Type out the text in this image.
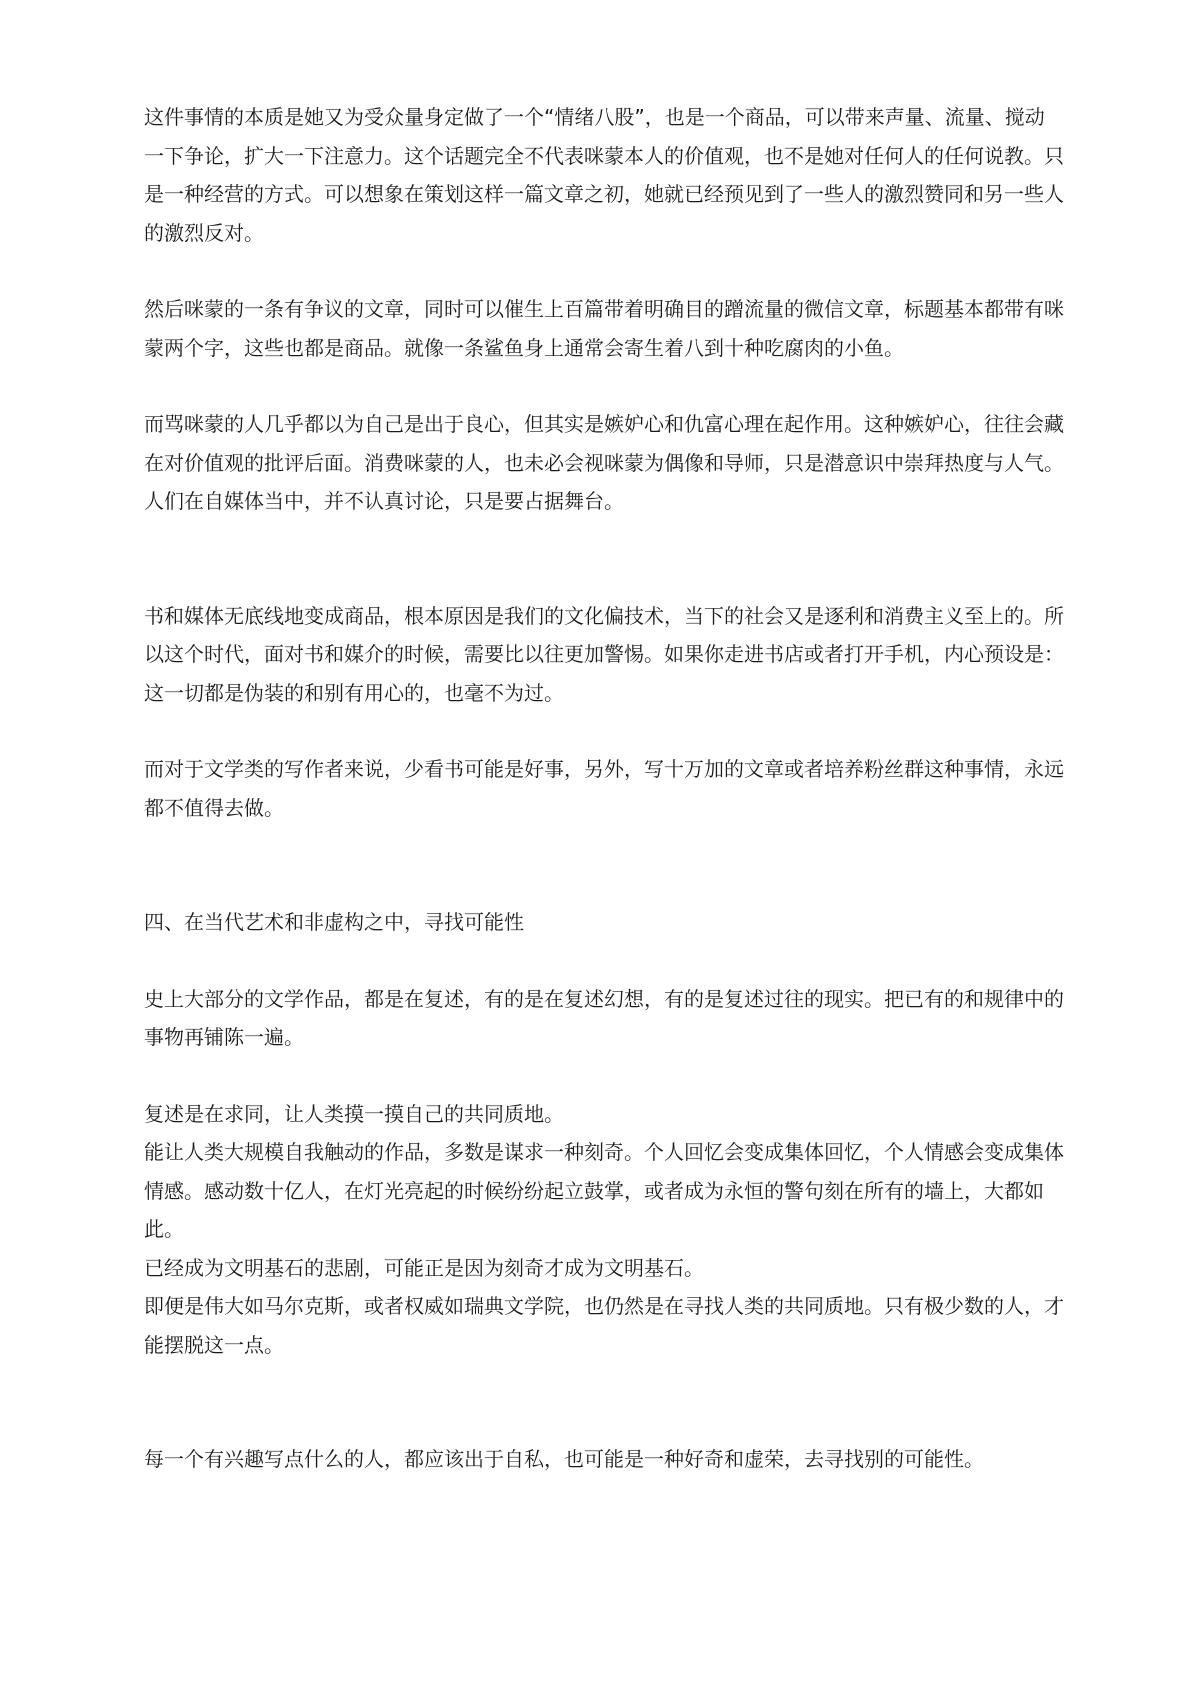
这件事情的本质是她又为受众量身定做了一个“情绪八股”，也是一个商品，可以带来声量、流量、搅动一下争论，扩大一下注意力。这个话题完全不代表咪蒙本人的价值观，也不是她对任何人的任何说教。只是一种经营的方式。可以想象在策划这样一篇文章之初，她就已经预见到了一些人的激烈赞同和另一些人的激烈反对。

然后咪蒙的一条有争议的文章，同时可以催生上百篇带着明确目的蹭流量的微信文章，标题基本都带有咪蒙两个字，这些也都是商品。就像一条鲨鱼身上通常会寄生着八到十种吃腐肉的小鱼。

而骂咪蒙的人几乎都以为自己是出于良心，但其实是嫉妒心和仇富心理在起作用。这种嫉妒心，往往会藏在对价值观的批评后面。消费咪蒙的人，也未必会视咪蒙为偶像和导师，只是潜意识中崇拜热度与人气。

人们在自媒体当中，并不认真讨论，只是要占据舞台。

书和媒体无底线地变成商品，根本原因是我们的文化偏技术，当下的社会又是逐利和消费主义至上的。所以这个时代，面对书和媒介的时候，需要比以往更加警惕。如果你走进书店或者打开手机，内心预设是：这一切都是伪装的和别有用心的，也毫不为过。

而对于文学类的写作者来说，少看书可能是好事，另外，写十万加的文章或者培养粉丝群这种事情，永远都不值得去做。

四、在当代艺术和非虚构之中，寻找可能性

史上大部分的文学作品，都是在复述，有的是在复述幻想，有的是复述过往的现实。把已有的和规律中的事物再铺陈一遍。

复述是在求同，让人类摸一摸自己的共同质地。

能让人类大规模自我触动的作品，多数是谋求一种刻奇。个人回忆会变成集体回忆，个人情感会变成集体情感。感动数十亿人，在灯光亮起的时候纷纷起立鼓掌，或者成为永恒的警句刻在所有的墙上，大都如此。

已经成为文明基石的悲剧，可能正是因为刻奇才成为文明基石。

即便是伟大如马尔克斯，或者权威如瑞典文学院，也仍然是在寻找人类的共同质地。只有极少数的人，才能摆脱这一点。

每一个有兴趣写点什么的人，都应该出于自私，也可能是一种好奇和虚荣，去寻找别的可能性。
